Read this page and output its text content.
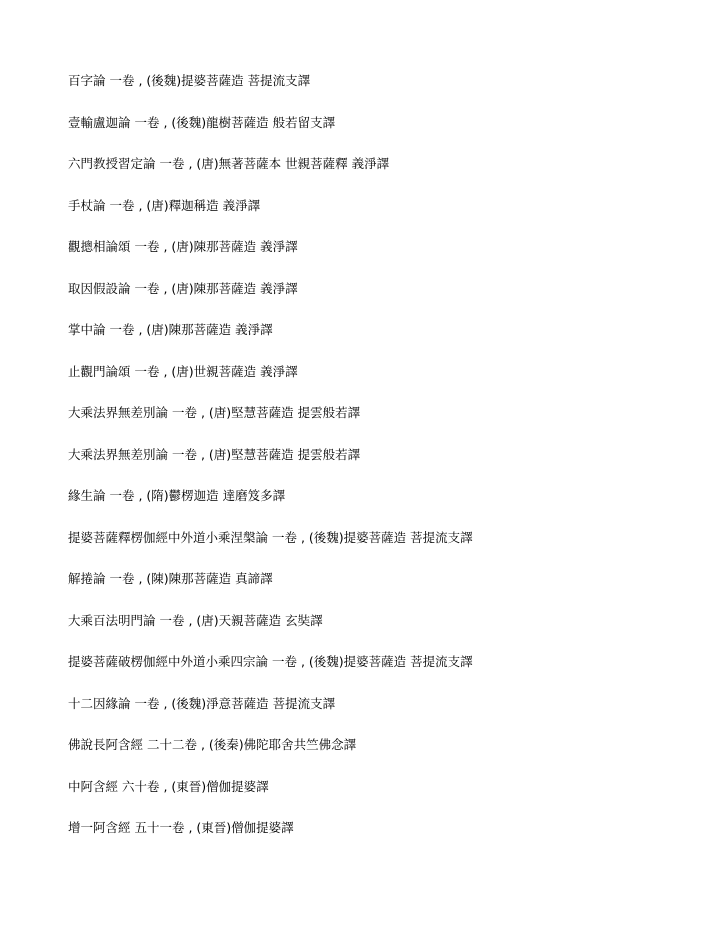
百字論 一卷 , (後魏)提婆菩薩造 菩提流支譯
壹輸盧迦論 一卷 , (後魏)龍樹菩薩造 般若留支譯
六門教授習定論 一卷 , (唐)無著菩薩本 世親菩薩釋 義淨譯
手杖論 一卷 , (唐)釋迦稱造 義淨譯
觀摠相論頌 一卷 , (唐)陳那菩薩造 義淨譯
取因假設論 一卷 , (唐)陳那菩薩造 義淨譯
掌中論 一卷 , (唐)陳那菩薩造 義淨譯
止觀門論頌 一卷 , (唐)世親菩薩造 義淨譯
大乘法界無差別論 一卷 , (唐)堅慧菩薩造 提雲般若譯
大乘法界無差別論 一卷 , (唐)堅慧菩薩造 提雲般若譯
緣生論 一卷 , (隋)鬱楞迦造 達磨笈多譯
提婆菩薩釋楞伽經中外道小乘涅槃論 一卷 , (後魏)提婆菩薩造 菩提流支譯
解捲論 一卷 , (陳)陳那菩薩造 真諦譯
大乘百法明門論 一卷 , (唐)天親菩薩造 玄奘譯
提婆菩薩破楞伽經中外道小乘四宗論 一卷 , (後魏)提婆菩薩造 菩提流支譯
十二因緣論 一卷 , (後魏)淨意菩薩造 菩提流支譯
佛說長阿含經 二十二卷 , (後秦)佛陀耶舍共竺佛念譯
中阿含經 六十卷 , (東晉)僧伽提婆譯
增一阿含經 五十一卷 , (東晉)僧伽提婆譯
